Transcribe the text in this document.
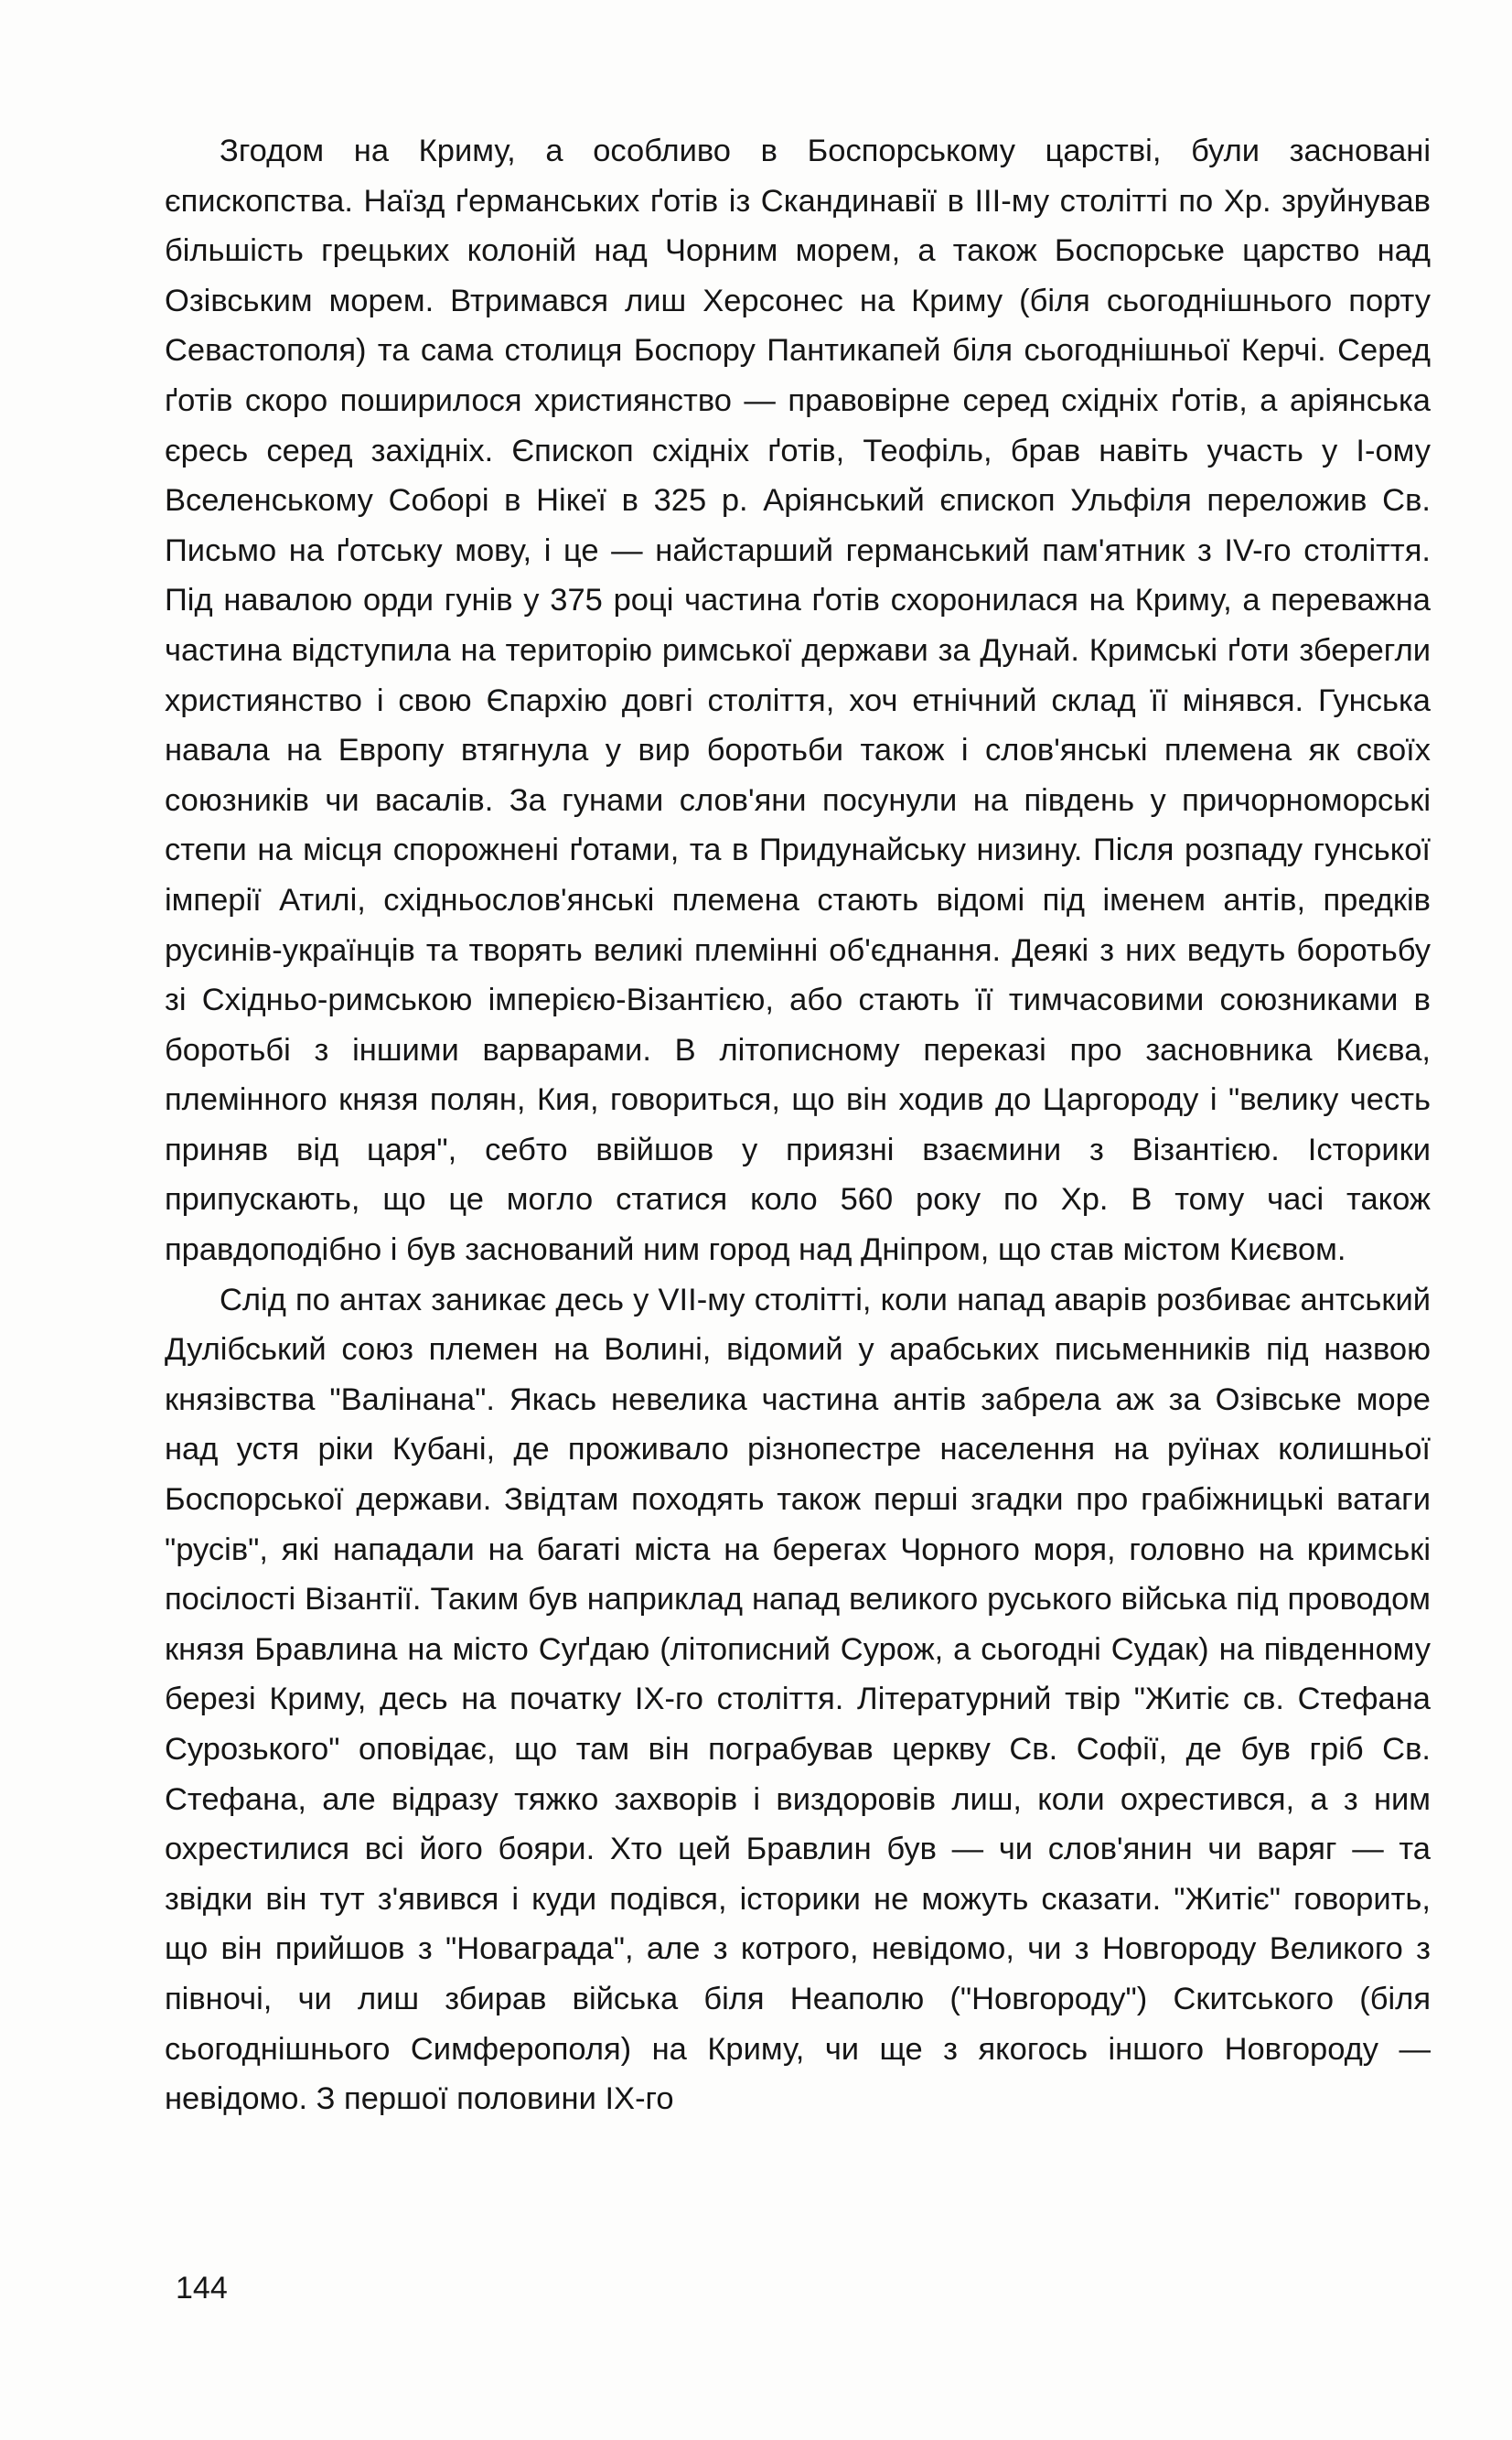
Згодом на Криму, а особливо в Боспорському царстві, були засновані єпископства. Наїзд ґерманських ґотів із Скандинавії в III-му столітті по Хр. зруйнував більшість грецьких колоній над Чорним морем, а також Боспорське царство над Озівським морем. Втримався лиш Херсонес на Криму (біля сьогоднішнього порту Севастополя) та сама столиця Боспору Пантикапей біля сьогоднішньої Керчі. Серед ґотів скоро поширилося християнство — правовірне серед східніх ґотів, а аріянська єресь серед західніх. Єпископ східніх ґотів, Теофіль, брав навіть участь у I-ому Вселенському Соборі в Нікеї в 325 р. Аріянський єпископ Ульфіля переложив Св. Письмо на ґотську мову, і це — найстарший германський пам'ятник з IV-го століття. Під навалою орди гунів у 375 році частина ґотів схоронилася на Криму, а переважна частина відступила на територію римської держави за Дунай. Кримські ґоти зберегли християнство і свою Єпархію довгі століття, хоч етнічний склад її мінявся. Гунська навала на Европу втягнула у вир боротьби також і слов'янські племена як своїх союзників чи васалів. За гунами слов'яни посунули на південь у причорноморські степи на місця спорожнені ґотами, та в Придунайську низину. Після розпаду гунської імперії Атилі, східньослов'янські племена стають відомі під іменем антів, предків русинів-українців та творять великі племінні об'єднання. Деякі з них ведуть боротьбу зі Східньо-римською імперією-Візантією, або стають її тимчасовими союзниками в боротьбі з іншими варварами. В літописному переказі про засновника Києва, племінного князя полян, Кия, говориться, що він ходив до Царгороду і "велику честь приняв від царя", себто ввійшов у приязні взаємини з Візантією. Історики припускають, що це могло статися коло 560 року по Хр. В тому часі також правдоподібно і був заснований ним город над Дніпром, що став містом Києвом.

Слід по антах заникає десь у VII-му столітті, коли напад аварів розбиває антський Дулібський союз племен на Волині, відомий у арабських письменників під назвою князівства "Валінана". Якась невелика частина антів забрела аж за Озівське море над устя ріки Кубані, де проживало різнопестре населення на руїнах колишньої Боспорської держави. Звідтам походять також перші згадки про грабіжницькі ватаги "русів", які нападали на багаті міста на берегах Чорного моря, головно на кримські посілості Візантії. Таким був наприклад напад великого руського війська під проводом князя Бравлина на місто Суґдаю (літописний Сурож, а сьогодні Судак) на південному березі Криму, десь на початку IX-го століття. Літературний твір "Житіє св. Стефана Сурозького" оповідає, що там він пограбував церкву Св. Софії, де був гріб Св. Стефана, але відразу тяжко захворів і виздоровів лиш, коли охрестився, а з ним охрестилися всі його бояри. Хто цей Бравлин був — чи слов'янин чи варяг — та звідки він тут з'явився і куди подівся, історики не можуть сказати. "Житіє" говорить, що він прийшов з "Новаграда", але з котрого, невідомо, чи з Новгороду Великого з півночі, чи лиш збирав війська біля Неаполю ("Новгороду") Скитського (біля сьогоднішнього Симферополя) на Криму, чи ще з якогось іншого Новгороду — невідомо. З першої половини IX-го

144
